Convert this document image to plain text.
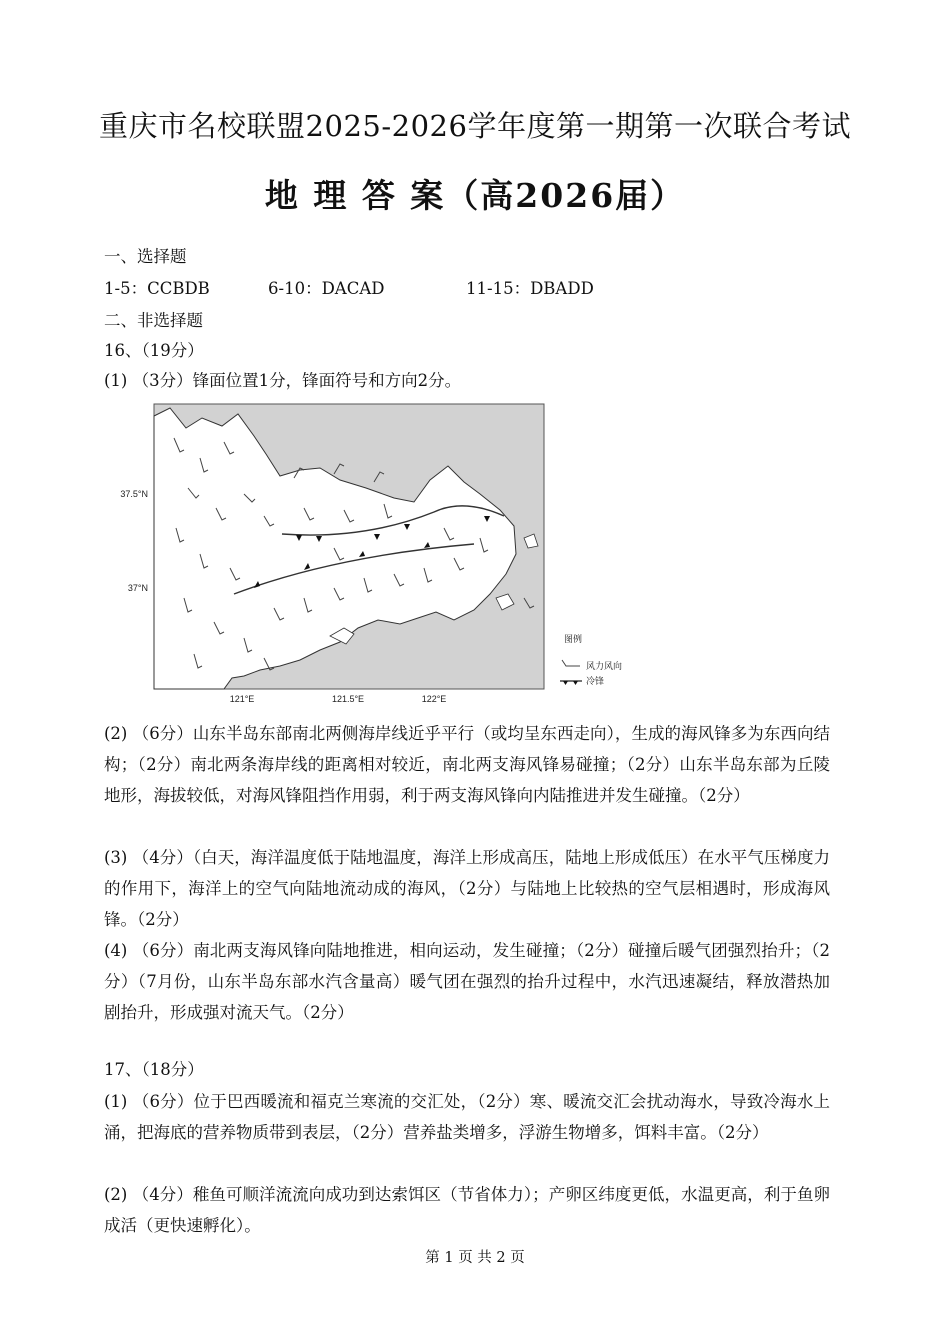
重庆市名校联盟2025-2026学年度第一期第一次联合考试
地 理 答 案（高2026届）
一、选择题
1-5：CCBDB	6-10：DACAD	11-15：DBADD
二、非选择题
16、（19分）
(1) （3分）锋面位置1分，锋面符号和方向2分。
37.5°N
37°N
121°E	121.5°E	122°E
图例
风力风向
冷锋
(2) （6分）山东半岛东部南北两侧海岸线近乎平行（或均呈东西走向），生成的海风锋多为东西向结构；（2分）南北两条海岸线的距离相对较近，南北两支海风锋易碰撞；（2分）山东半岛东部为丘陵地形，海拔较低，对海风锋阻挡作用弱，利于两支海风锋向内陆推进并发生碰撞。（2分）
(3) （4分）（白天，海洋温度低于陆地温度，海洋上形成高压，陆地上形成低压）在水平气压梯度力的作用下，海洋上的空气向陆地流动成的海风，（2分）与陆地上比较热的空气层相遇时，形成海风锋。（2分）
(4) （6分）南北两支海风锋向陆地推进，相向运动，发生碰撞；（2分）碰撞后暖气团强烈抬升；（2分）（7月份，山东半岛东部水汽含量高）暖气团在强烈的抬升过程中，水汽迅速凝结，释放潜热加剧抬升，形成强对流天气。（2分）
17、（18分）
(1) （6分）位于巴西暖流和福克兰寒流的交汇处，（2分）寒、暖流交汇会扰动海水，导致冷海水上涌，把海底的营养物质带到表层，（2分）营养盐类增多，浮游生物增多，饵料丰富。（2分）
(2) （4分）稚鱼可顺洋流流向成功到达索饵区（节省体力）；产卵区纬度更低，水温更高，利于鱼卵成活（更快速孵化）。
第 1 页 共 2 页
